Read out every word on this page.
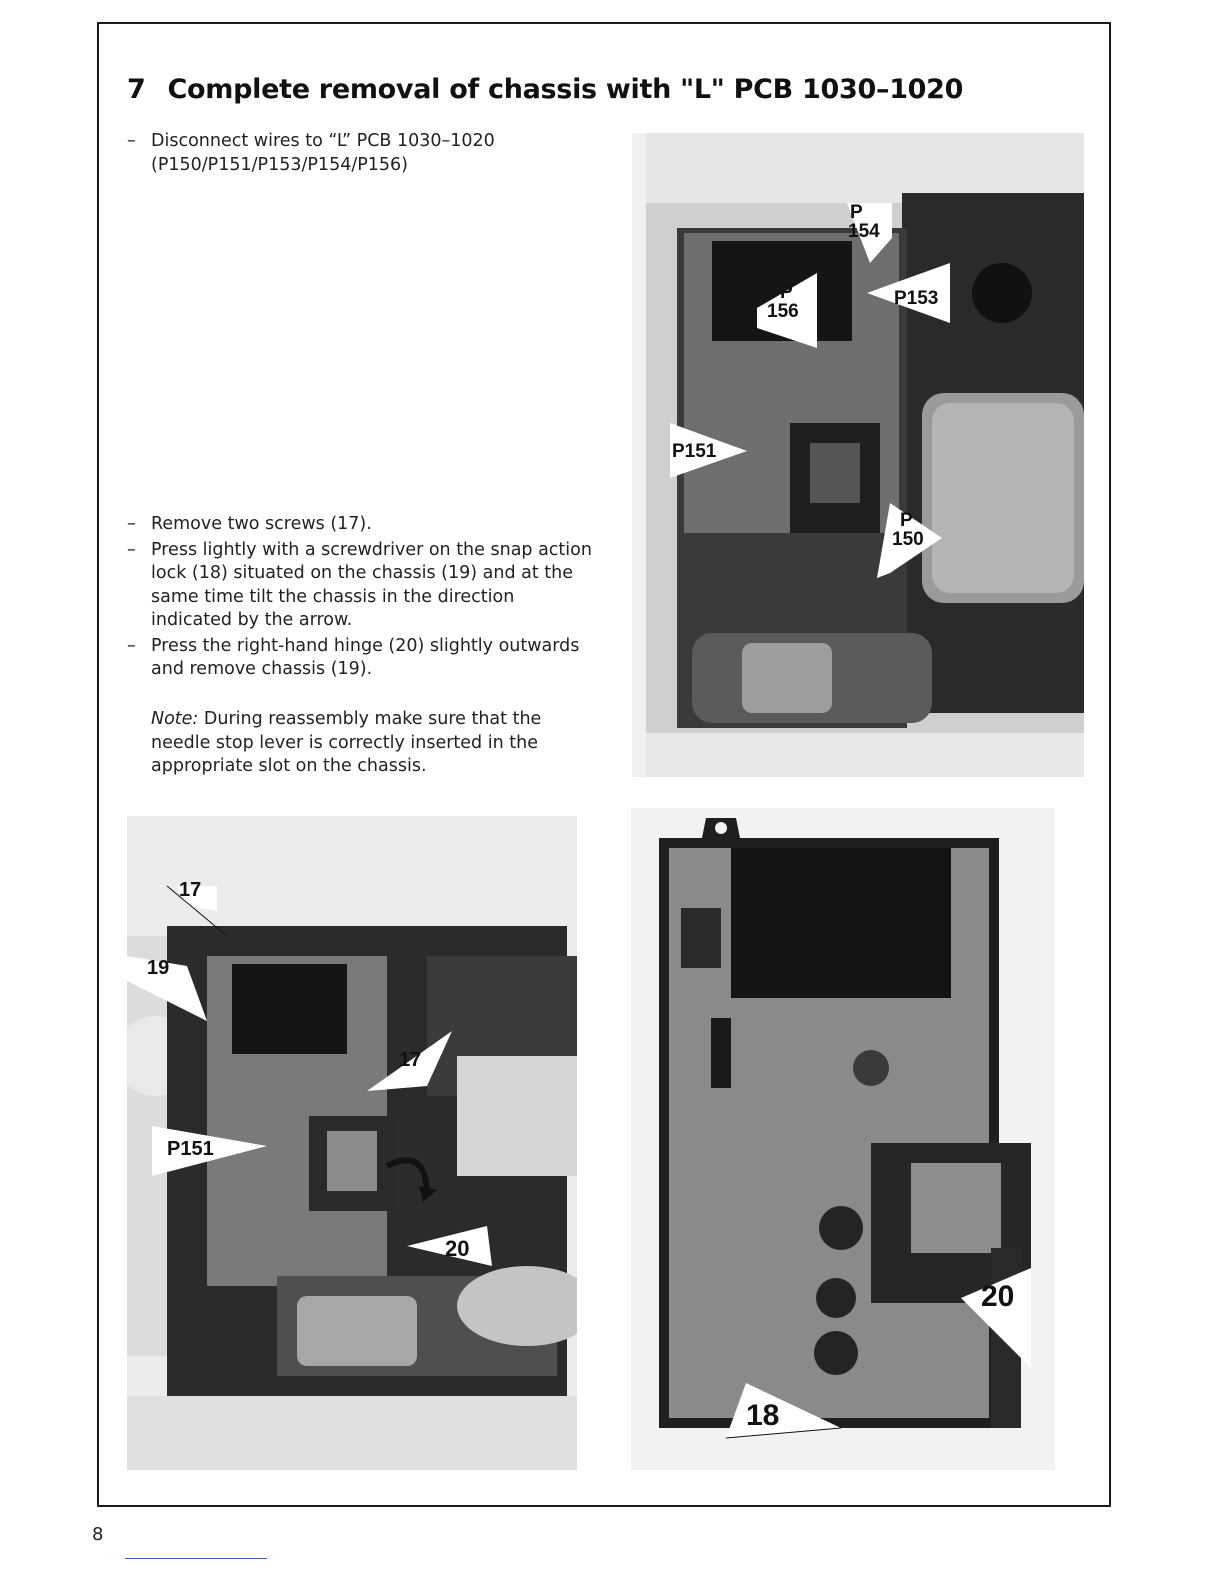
7 Complete removal of chassis with "L" PCB 1030–1020
– Disconnect wires to “L” PCB 1030–1020 (P150/P151/P153/P154/P156)
– Remove two screws (17).
– Press lightly with a screwdriver on the snap action lock (18) situated on the chassis (19) and at the same time tilt the chassis in the direction indicated by the arrow.
– Press the right-hand hinge (20) slightly outwards and remove chassis (19).

Note: During reassembly make sure that the needle stop lever is correctly inserted in the appropriate slot on the chassis.

P
154
P
156
P153
P151
P
150
17
19
17
P151
20
20
18
8
